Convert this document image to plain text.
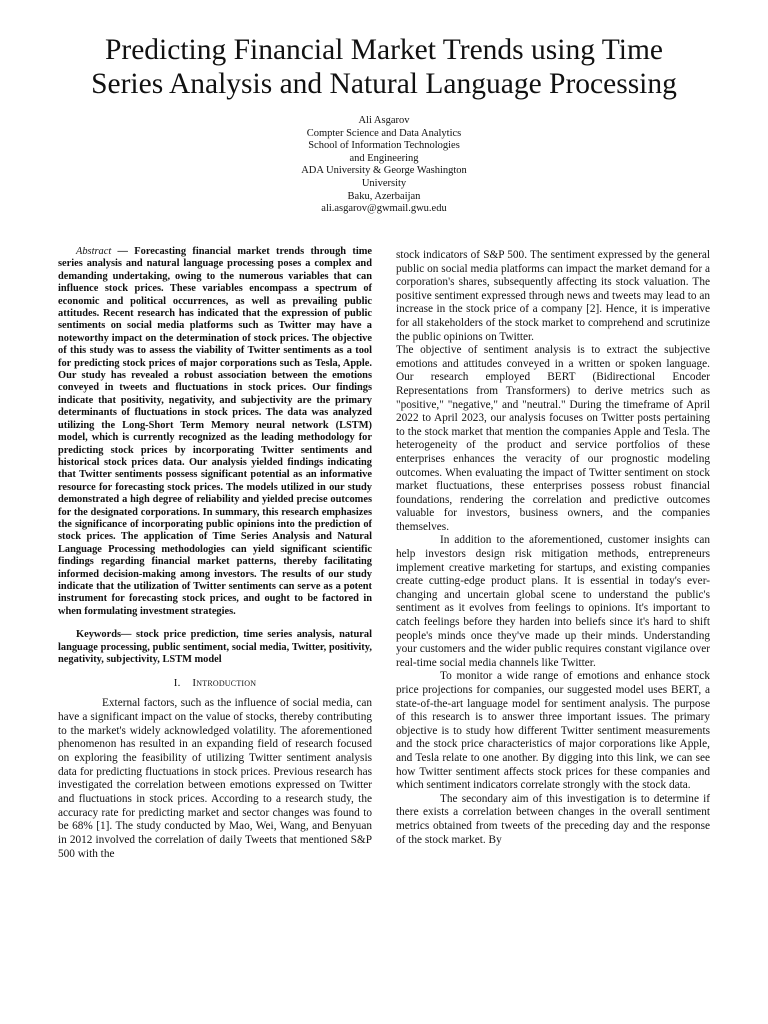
Predicting Financial Market Trends using Time
Series Analysis and Natural Language Processing
Ali Asgarov
Compter Science and Data Analytics
School of Information Technologies
and Engineering
ADA University & George Washington
University
Baku, Azerbaijan
ali.asgarov@gwmail.gwu.edu

Abstract — Forecasting financial market trends through time series analysis and natural language processing poses a complex and demanding undertaking, owing to the numerous variables that can influence stock prices. These variables encompass a spectrum of economic and political occurrences, as well as prevailing public attitudes. Recent research has indicated that the expression of public sentiments on social media platforms such as Twitter may have a noteworthy impact on the determination of stock prices. The objective of this study was to assess the viability of Twitter sentiments as a tool for predicting stock prices of major corporations such as Tesla, Apple. Our study has revealed a robust association between the emotions conveyed in tweets and fluctuations in stock prices. Our findings indicate that positivity, negativity, and subjectivity are the primary determinants of fluctuations in stock prices. The data was analyzed utilizing the Long-Short Term Memory neural network (LSTM) model, which is currently recognized as the leading methodology for predicting stock prices by incorporating Twitter sentiments and historical stock prices data. Our analysis yielded findings indicating that Twitter sentiments possess significant potential as an informative resource for forecasting stock prices. The models utilized in our study demonstrated a high degree of reliability and yielded precise outcomes for the designated corporations. In summary, this research emphasizes the significance of incorporating public opinions into the prediction of stock prices. The application of Time Series Analysis and Natural Language Processing methodologies can yield significant scientific findings regarding financial market patterns, thereby facilitating informed decision-making among investors. The results of our study indicate that the utilization of Twitter sentiments can serve as a potent instrument for forecasting stock prices, and ought to be factored in when formulating investment strategies.

Keywords— stock price prediction, time series analysis, natural language processing, public sentiment, social media, Twitter, positivity, negativity, subjectivity, LSTM model

I. Introduction

External factors, such as the influence of social media, can have a significant impact on the value of stocks, thereby contributing to the market's widely acknowledged volatility. The aforementioned phenomenon has resulted in an expanding field of research focused on exploring the feasibility of utilizing Twitter sentiment analysis data for predicting fluctuations in stock prices. Previous research has investigated the correlation between emotions expressed on Twitter and fluctuations in stock prices. According to a research study, the accuracy rate for predicting market and sector changes was found to be 68% [1]. The study conducted by Mao, Wei, Wang, and Benyuan in 2012 involved the correlation of daily Tweets that mentioned S&P 500 with the

stock indicators of S&P 500. The sentiment expressed by the general public on social media platforms can impact the market demand for a corporation's shares, subsequently affecting its stock valuation. The positive sentiment expressed through news and tweets may lead to an increase in the stock price of a company [2]. Hence, it is imperative for all stakeholders of the stock market to comprehend and scrutinize the public opinions on Twitter.

The objective of sentiment analysis is to extract the subjective emotions and attitudes conveyed in a written or spoken language. Our research employed BERT (Bidirectional Encoder Representations from Transformers) to derive metrics such as "positive," "negative," and "neutral." During the timeframe of April 2022 to April 2023, our analysis focuses on Twitter posts pertaining to the stock market that mention the companies Apple and Tesla. The heterogeneity of the product and service portfolios of these enterprises enhances the veracity of our prognostic modeling outcomes. When evaluating the impact of Twitter sentiment on stock market fluctuations, these enterprises possess robust financial foundations, rendering the correlation and predictive outcomes valuable for investors, business owners, and the companies themselves.

In addition to the aforementioned, customer insights can help investors design risk mitigation methods, entrepreneurs implement creative marketing for startups, and existing companies create cutting-edge product plans. It is essential in today's ever-changing and uncertain global scene to understand the public's sentiment as it evolves from feelings to opinions. It's important to catch feelings before they harden into beliefs since it's hard to shift people's minds once they've made up their minds. Understanding your customers and the wider public requires constant vigilance over real-time social media channels like Twitter.

To monitor a wide range of emotions and enhance stock price projections for companies, our suggested model uses BERT, a state-of-the-art language model for sentiment analysis. The purpose of this research is to answer three important issues. The primary objective is to study how different Twitter sentiment measurements and the stock price characteristics of major corporations like Apple, and Tesla relate to one another. By digging into this link, we can see how Twitter sentiment affects stock prices for these companies and which sentiment indicators correlate strongly with the stock data.

The secondary aim of this investigation is to determine if there exists a correlation between changes in the overall sentiment metrics obtained from tweets of the preceding day and the response of the stock market. By
